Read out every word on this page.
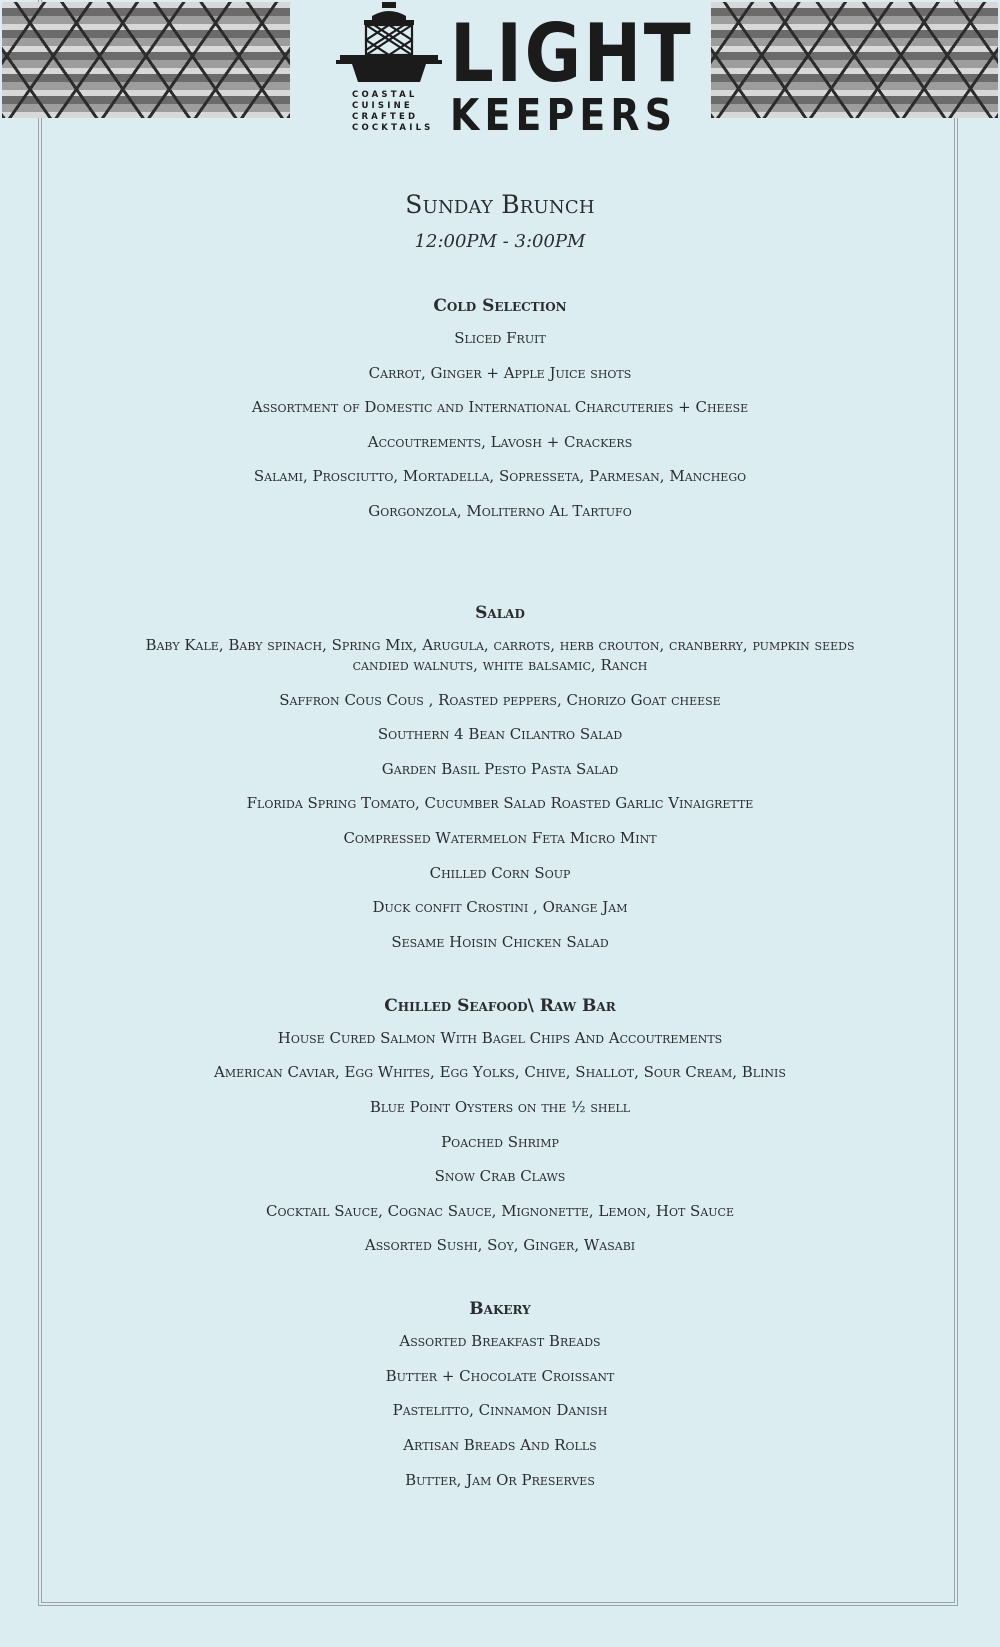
COASTAL
CUISINE
CRAFTED
COCKTAILS

LIGHT

KEEPERS

Sunday Brunch

12:00PM - 3:00PM

Cold Selection

Sliced Fruit

Carrot, Ginger + Apple Juice shots

Assortment of Domestic and International Charcuteries + Cheese

Accoutrements, Lavosh + Crackers

Salami, Prosciutto, Mortadella, Sopresseta, Parmesan, Manchego

Gorgonzola, Moliterno Al Tartufo

Salad

Baby Kale, Baby spinach, Spring Mix, Arugula, carrots, herb crouton, cranberry, pumpkin seeds
candied walnuts, white balsamic, Ranch

Saffron Cous Cous , Roasted peppers, Chorizo Goat cheese

Southern 4 Bean Cilantro Salad

Garden Basil Pesto Pasta Salad

Florida Spring Tomato, Cucumber Salad Roasted Garlic Vinaigrette

Compressed Watermelon Feta Micro Mint

Chilled Corn Soup

Duck confit Crostini , Orange Jam

Sesame Hoisin Chicken Salad

Chilled Seafood\ Raw Bar

House Cured Salmon With Bagel Chips And Accoutrements

American Caviar, Egg Whites, Egg Yolks, Chive, Shallot, Sour Cream, Blinis

Blue Point Oysters on the ½ shell

Poached Shrimp

Snow Crab Claws

Cocktail Sauce, Cognac Sauce, Mignonette, Lemon, Hot Sauce

Assorted Sushi, Soy, Ginger, Wasabi

Bakery

Assorted Breakfast Breads

Butter + Chocolate Croissant

Pastelitto, Cinnamon Danish

Artisan Breads And Rolls

Butter, Jam Or Preserves
